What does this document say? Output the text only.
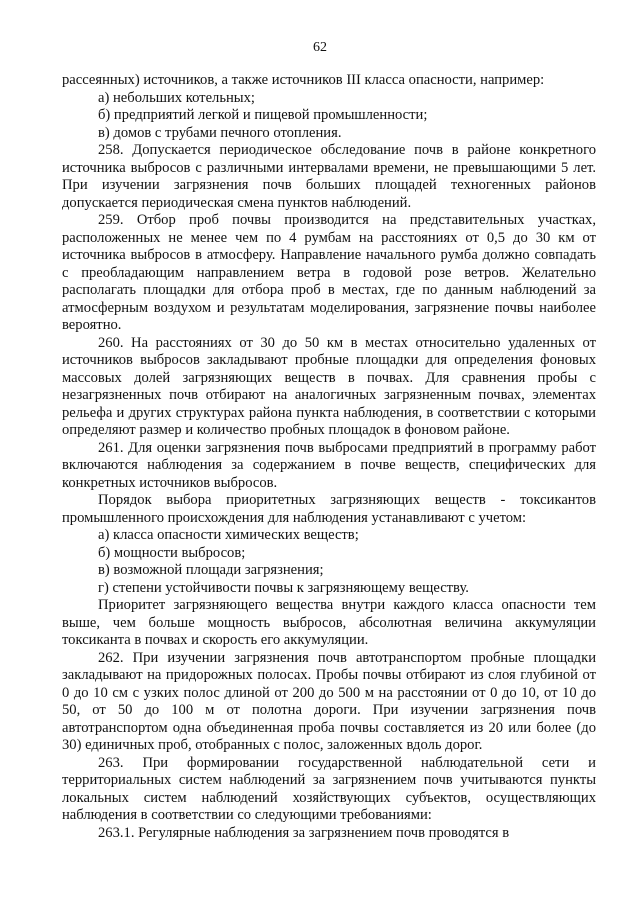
62

рассеянных) источников, а также источников III класса опасности, например:

а) небольших котельных;

б) предприятий легкой и пищевой промышленности;

в) домов с трубами печного отопления.

258. Допускается периодическое обследование почв в районе конкретного источника выбросов с различными интервалами времени, не превышающими 5 лет. При изучении загрязнения почв больших площадей техногенных районов допускается периодическая смена пунктов наблюдений.

259. Отбор проб почвы производится на представительных участках, расположенных не менее чем по 4 румбам на расстояниях от 0,5 до 30 км от источника выбросов в атмосферу. Направление начального румба должно совпадать с преобладающим направлением ветра в годовой розе ветров. Желательно располагать площадки для отбора проб в местах, где по данным наблюдений за атмосферным воздухом и результатам моделирования, загрязнение почвы наиболее вероятно.

260. На расстояниях от 30 до 50 км в местах относительно удаленных от источников выбросов закладывают пробные площадки для определения фоновых массовых долей загрязняющих веществ в почвах. Для сравнения пробы с незагрязненных почв отбирают на аналогичных загрязненным почвах, элементах рельефа и других структурах района пункта наблюдения, в соответствии с которыми определяют размер и количество пробных площадок в фоновом районе.

261. Для оценки загрязнения почв выбросами предприятий в программу работ включаются наблюдения за содержанием в почве веществ, специфических для конкретных источников выбросов.

Порядок выбора приоритетных загрязняющих веществ - токсикантов промышленного происхождения для наблюдения устанавливают с учетом:

а) класса опасности химических веществ;

б) мощности выбросов;

в) возможной площади загрязнения;

г) степени устойчивости почвы к загрязняющему веществу.

Приоритет загрязняющего вещества внутри каждого класса опасности тем выше, чем больше мощность выбросов, абсолютная величина аккумуляции токсиканта в почвах и скорость его аккумуляции.

262. При изучении загрязнения почв автотранспортом пробные площадки закладывают на придорожных полосах. Пробы почвы отбирают из слоя глубиной от 0 до 10 см с узких полос длиной от 200 до 500 м на расстоянии от 0 до 10, от 10 до 50, от 50 до 100 м от полотна дороги. При изучении загрязнения почв автотранспортом одна объединенная проба почвы составляется из 20 или более (до 30) единичных проб, отобранных с полос, заложенных вдоль дорог.

263. При формировании государственной наблюдательной сети и территориальных систем наблюдений за загрязнением почв учитываются пункты локальных систем наблюдений хозяйствующих субъектов, осуществляющих наблюдения в соответствии со следующими требованиями:

263.1. Регулярные наблюдения за загрязнением почв проводятся в
